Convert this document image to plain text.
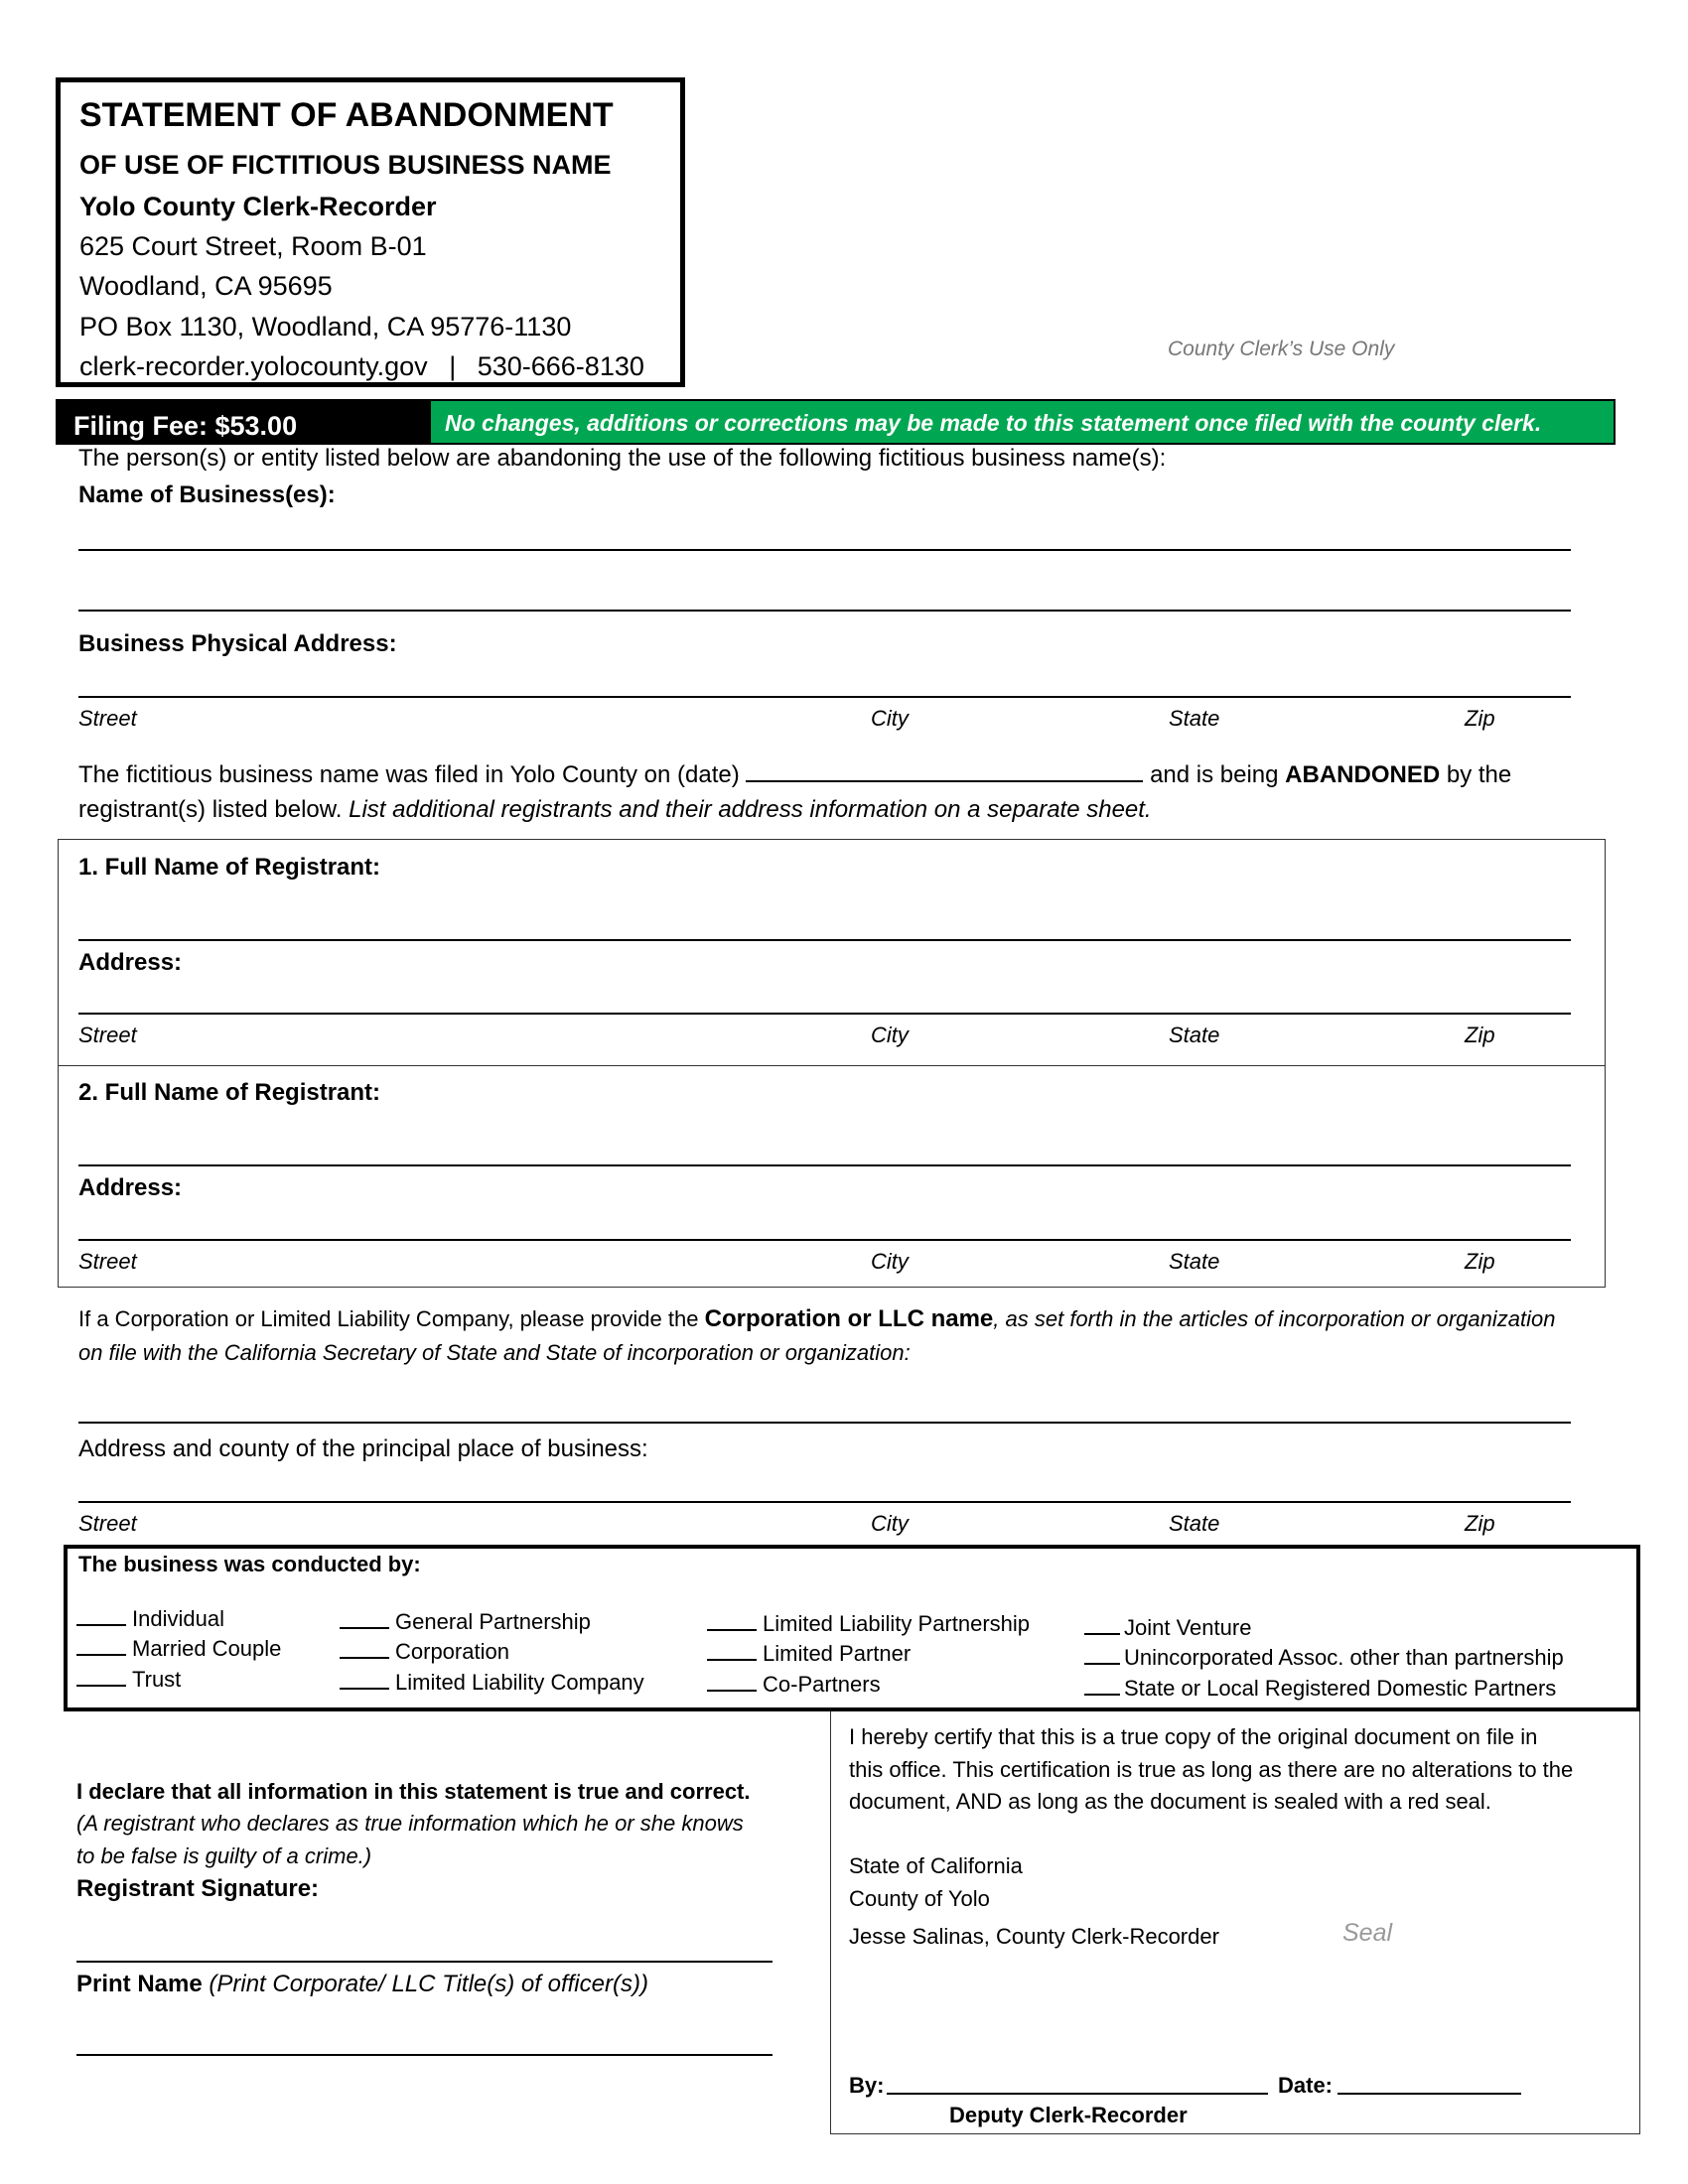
STATEMENT OF ABANDONMENT
OF USE OF FICTITIOUS BUSINESS NAME
Yolo County Clerk-Recorder
625 Court Street, Room B-01
Woodland, CA 95695
PO Box 1130, Woodland, CA 95776-1130
clerk-recorder.yolocounty.gov | 530-666-8130
County Clerk’s Use Only
Filing Fee: $53.00	No changes, additions or corrections may be made to this statement once filed with the county clerk.
The person(s) or entity listed below are abandoning the use of the following fictitious business name(s):
Name of Business(es):
Business Physical Address:
Street	City	State	Zip
The fictitious business name was filed in Yolo County on (date)	and is being ABANDONED by the
registrant(s) listed below. List additional registrants and their address information on a separate sheet.
1. Full Name of Registrant:
Address:
Street	City	State	Zip
2. Full Name of Registrant:
Address:
Street	City	State	Zip
If a Corporation or Limited Liability Company, please provide the Corporation or LLC name, as set forth in the articles of incorporation or organization
on file with the California Secretary of State and State of incorporation or organization:
Address and county of the principal place of business:
Street	City	State	Zip
The business was conducted by:
Individual
Married Couple
Trust
General Partnership
Corporation
Limited Liability Company
Limited Liability Partnership
Limited Partner
Co-Partners
Joint Venture
Unincorporated Assoc. other than partnership
State or Local Registered Domestic Partners
I declare that all information in this statement is true and correct.
(A registrant who declares as true information which he or she knows
to be false is guilty of a crime.)
Registrant Signature:
Print Name (Print Corporate/ LLC Title(s) of officer(s))
I hereby certify that this is a true copy of the original document on file in
this office. This certification is true as long as there are no alterations to the
document, AND as long as the document is sealed with a red seal.
State of California
County of Yolo
Jesse Salinas, County Clerk-Recorder	Seal
By:	Date:
Deputy Clerk-Recorder
